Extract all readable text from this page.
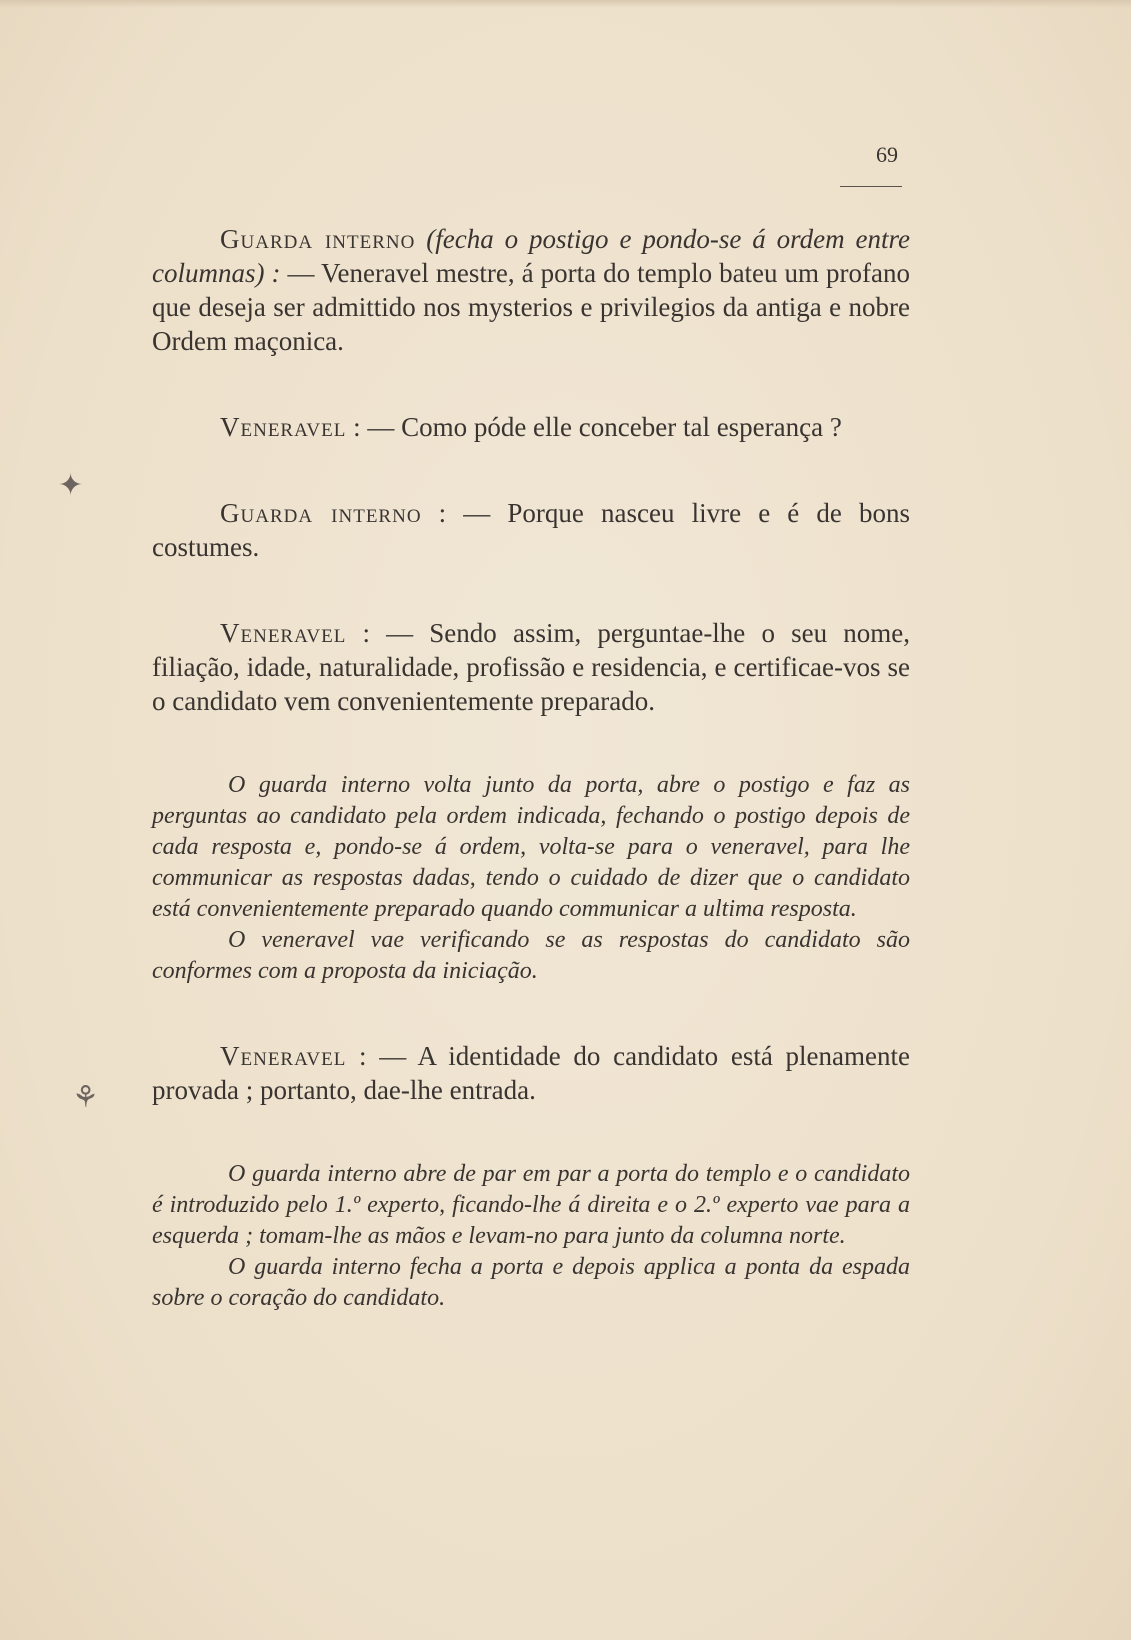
69
✦
⚘

Guarda interno (fecha o postigo e pondo-se á ordem entre columnas) : — Veneravel mestre, á porta do templo bateu um profano que deseja ser admittido nos mysterios e privilegios da antiga e nobre Ordem maçonica.

Veneravel : — Como póde elle conceber tal esperança ?

Guarda interno : — Porque nasceu livre e é de bons costumes.

Veneravel : — Sendo assim, perguntae-lhe o seu nome, filiação, idade, naturalidade, profissão e residencia, e certificae-vos se o candidato vem convenientemente preparado.

O guarda interno volta junto da porta, abre o postigo e faz as perguntas ao candidato pela ordem indicada, fechando o postigo depois de cada resposta e, pondo-se á ordem, volta-se para o veneravel, para lhe communicar as respostas dadas, tendo o cuidado de dizer que o candidato está convenientemente preparado quando communicar a ultima resposta.

O veneravel vae verificando se as respostas do candidato são conformes com a proposta da iniciação.

Veneravel : — A identidade do candidato está plenamente provada ; portanto, dae-lhe entrada.

O guarda interno abre de par em par a porta do templo e o candidato é introduzido pelo 1.º experto, ficando-lhe á direita e o 2.º experto vae para a esquerda ; tomam-lhe as mãos e levam-no para junto da columna norte.

O guarda interno fecha a porta e depois applica a ponta da espada sobre o coração do candidato.
